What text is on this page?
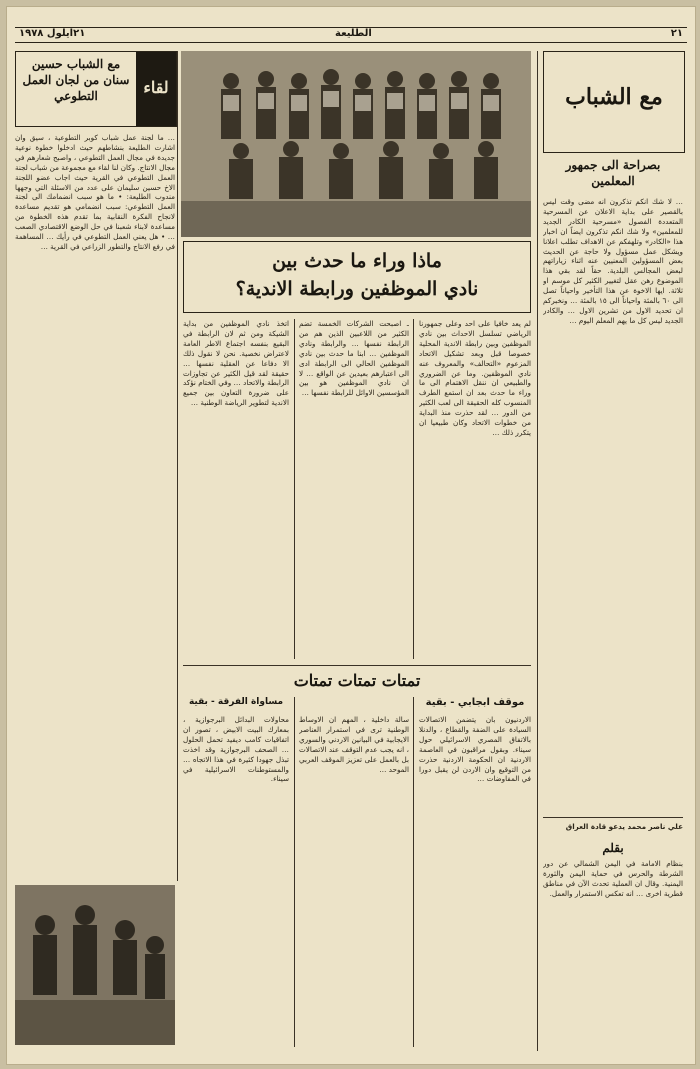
٢١ايلول ١٩٧٨	الطليعة	٢١
مع الشباب
بصراحة الى جمهور المعلمين

… لا شك انكم تذكرون انه مضى وقت ليس بالقصير على بداية الاعلان عن المسرحية المتعددة الفصول «مسرحية الكادر الجديد للمعلمين» ولا شك انكم تذكرون ايضاً ان اخبار هذا «الكادر» وتلهفكم عن الاهداف تطلب اعلانا ويشكل عمل مسؤول ولا حاجة عن الحديث بعض المسؤولين المعنيين عنه اثناء زياراتهم لبعض المجالس البلدية. حقاً لقد بقي هذا الموضوع رهن عقل لتغيير الكثير كل موسم او ثلاثة. ايها الاخوة عن هذا التأخير واحياناً تصل الى ٦٠ بالمئة واحياناً الى ١٥ بالمئة … ونخبركم ان تحديد الاول من تشرين الاول … والكادر الجديد ليس كل ما يهم المعلم اليوم …

علي ناصر محمد يدعو قادة العراق

بقلم

بنظام الامامة في اليمن الشمالي عن دور الشرطة والحرس في حماية اليمن والثورة اليمنية. وقال ان العملية تحدث الآن في مناطق قطرية اخرى … انه تعكس الاستمرار والعمل.

لقاء
مع الشباب حسين سنان من لجان العمل التطوعي

… ما لجنة عمل شباب كوبر التطوعية ، سيق وان اشارت الطليعة بنشاطهم حيث ادخلوا خطوة نوعية جديدة في مجال العمل التطوعي ، واصبح شعارهم في مجال الانتاج. وكان لنا لقاء مع مجموعة من شباب لجنة العمل التطوعي في القرية حيث اجاب عضو اللجنة الاخ حسين سليمان على عدد من الاسئلة التي وجهها مندوب الطليعة: • ما هو سبب انضمامك الى لجنة العمل التطوعي: سبب انضمامي هو تقديم مساعدة لانجاح الفكرة النقابية بما تقدم هذه الخطوة من مساعدة لابناء شعبنا في حل الوضع الاقتصادي الصعب … • هل يعني العمل التطوعي في رأيك … المساهمة في رفع الانتاج والتطور الزراعي في القرية …

ماذا وراء ما حدث بين
نادي الموظفين ورابطة الاندية؟

لم يعد خافيا على احد وعلى جمهورنا الرياضي تسلسل الاحداث بين نادي الموظفين وبين رابطة الاندية المحلية خصوصا قبل وبعد تشكيل الاتحاد المزعوم «التحالف» والمعروف عنه نادي الموظفين. وما عن الضروري والطبيعي ان ننقل الاهتمام الى ما وراء ما حدث بعد ان استمع الطرف المنسوب كله الحقيقة الى لعب الكثير من الدور … لقد حذرت منذ البداية من خطوات الاتحاد وكان طبيعيا ان يتكرر ذلك …

ـ اصبحت الشركات الخمسة تضم الكثير من اللاعبين الذين هم من الرابطة نفسها … والرابطة ونادي الموظفين … ابنا ما حدث بين نادي الموظفين الحالي الى الرابطة ادى الى اعتبارهم بعيدين عن الواقع … لا ان نادي الموظفين هو بين المؤسسين الاوائل للرابطة نفسها …

اتخذ نادي الموظفين من بداية الشيكة ومن ثم لان الرابطة في البقيع بنفسه اجتماع الاطر العامة لاعتراض نخصية. نحن لا نقول ذلك الا دفاعا عن العقلية نفسها … حقيقة لقد قيل الكثير عن تجاوزات الرابطة والاتحاد … وفي الختام نؤكد على ضرورة التعاون بين جميع الاندية لتطوير الرياضة الوطنية …

تمتات تمتات تمتات
موقف ابجابي - بقية
مساواة الفرقة - بقية

الاردنيون بان يتضمن الاتصالات السيادة على الضفة والقطاع ، والدنلا بالاتفاق المصري الاسرائيلي حول سيناء. وبقول مراقبون في العاصمة الاردنية ان الحكومة الاردنية حذرت من التوقيع وان الاردن لن يقبل دورا في المفاوضات …

سالة داخلية ، المهم ان الاوساط الوطنية ترى في استمرار العناصر الايجابية في البيانين الاردني والسوري ، انه يجب عدم التوقف عند الاتصالات بل بالعمل على تعزيز الموقف العربي الموحد …

محاولات البدائل البرجوازية ، بمعارك البيت الابيض ، تصور ان اتفاقيات كامب ديفيد تحمل الحلول … الصحف البرجوازية وقد اخذت تبذل جهودا كثيرة في هذا الاتجاه … والمستوطنات الاسرائيلية في سيناء.
